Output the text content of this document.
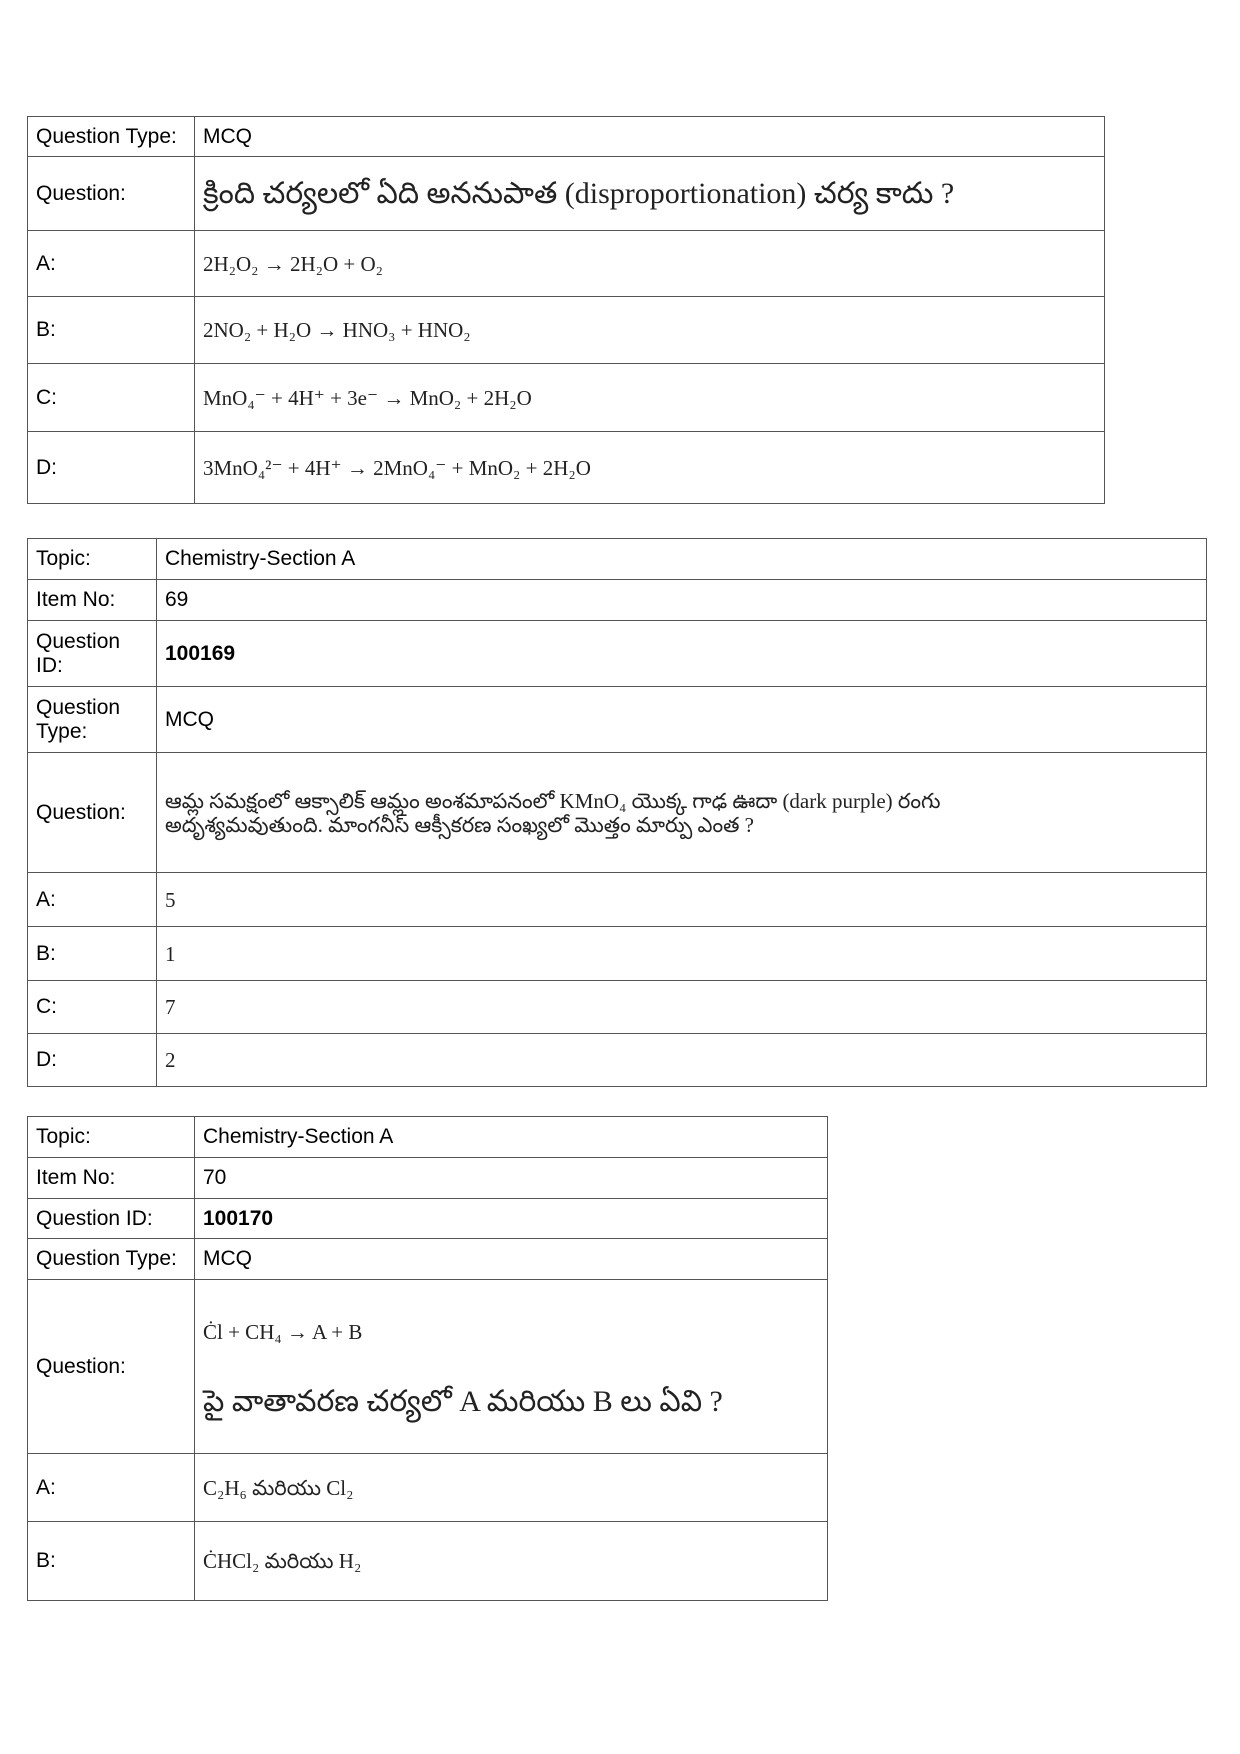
Question Type:	MCQ
Question:	క్రింది చర్యలలో ఏది అననుపాత (disproportionation) చర్య కాదు ?
A:	2H₂O₂ → 2H₂O + O₂
B:	2NO₂ + H₂O → HNO₃ + HNO₂
C:	MnO₄⁻ + 4H⁺ + 3e⁻ → MnO₂ + 2H₂O
D:	3MnO₄²⁻ + 4H⁺ → 2MnO₄⁻ + MnO₂ + 2H₂O
Topic:	Chemistry-Section A
Item No:	69
Question ID:	100169
Question Type:	MCQ
Question:	ఆమ్ల సమక్షంలో ఆక్సాలిక్ ఆమ్లం అంశమాపనంలో KMnO₄ యొక్క గాఢ ఊదా (dark purple) రంగు
అదృశ్యమవుతుంది. మాంగనీస్ ఆక్సీకరణ సంఖ్యలో మొత్తం మార్పు ఎంత ?

A:	5
B:	1
C:	7
D:	2
Topic:	Chemistry-Section A
Item No:	70
Question ID:	100170
Question Type:	MCQ
Question:	Ċl + CH₄ → A + B
పై వాతావరణ చర్యలో A మరియు B లు ఏవి ?

A:	C₂H₆ మరియు Cl₂
B:	ĊHCl₂ మరియు H₂
